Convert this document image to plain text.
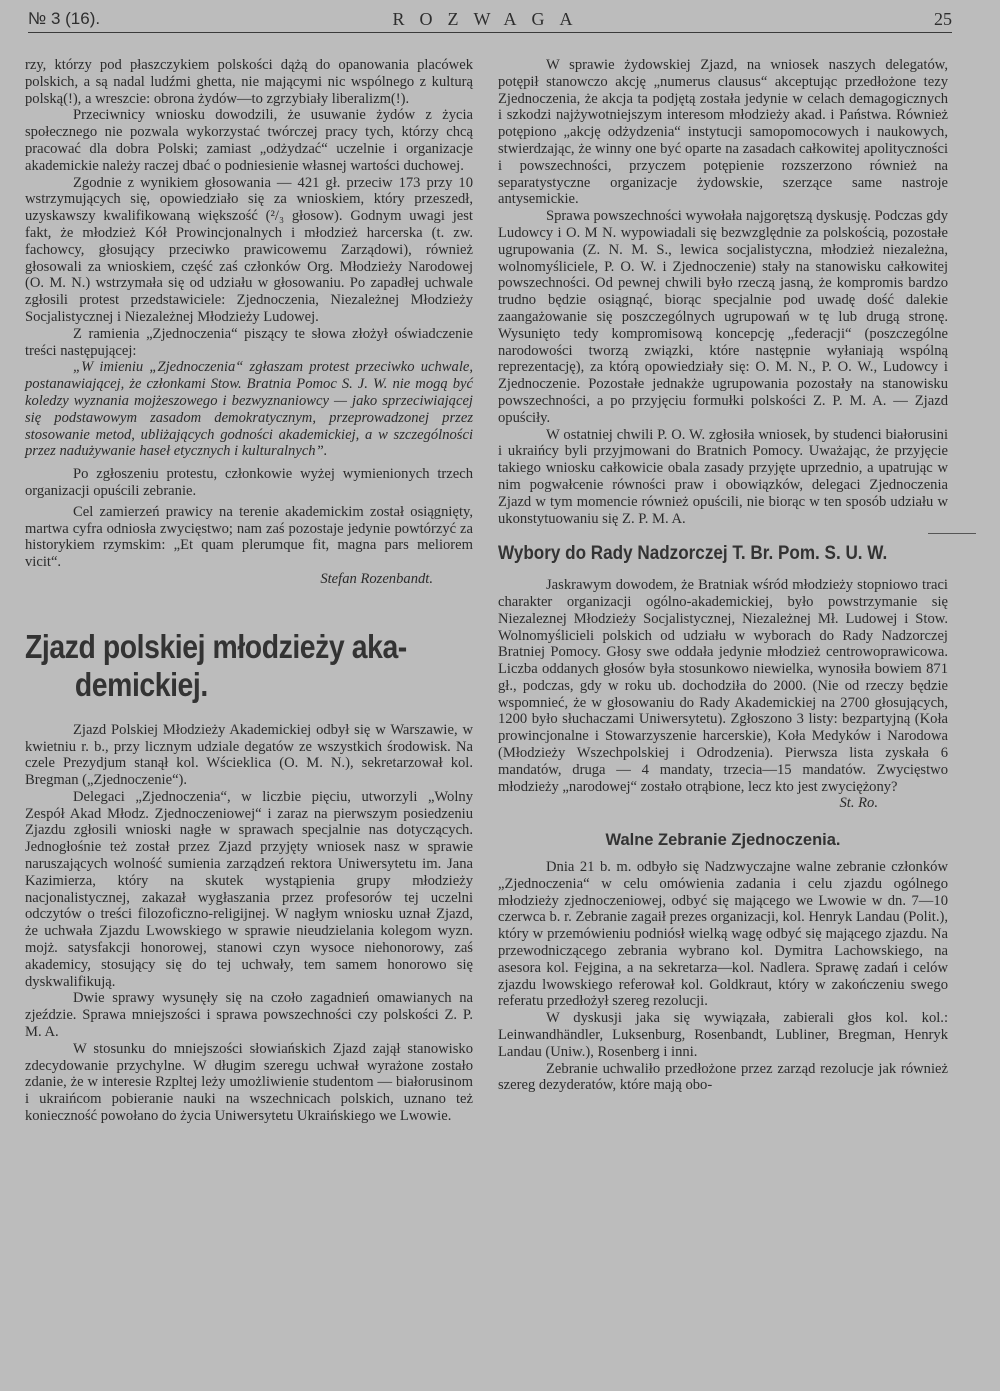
№ 3 (16).	ROZWAGA	25

rzy, którzy pod płaszczykiem polskości dążą do opanowania placówek polskich, a są nadal ludźmi ghetta, nie mającymi nic wspólnego z kulturą polską(!), a wreszcie: obrona żydów—to zgrzybiały liberalizm(!).

Przeciwnicy wniosku dowodzili, że usuwanie żydów z życia społecznego nie pozwala wykorzystać twórczej pracy tych, którzy chcą pracować dla dobra Polski; zamiast „odżydzać“ uczelnie i organizacje akademickie należy raczej dbać o podniesienie własnej wartości duchowej.

Zgodnie z wynikiem głosowania — 421 gł. przeciw 173 przy 10 wstrzymujących się, opowiedziało się za wnioskiem, który przeszedł, uzyskawszy kwalifikowaną większość (²/₃ głosow). Godnym uwagi jest fakt, że młodzież Kół Prowincjonalnych i młodzież harcerska (t. zw. fachowcy, głosujący przeciwko prawicowemu Zarządowi), również głosowali za wnioskiem, część zaś członków Org. Młodzieży Narodowej (O. M. N.) wstrzymała się od udziału w głosowaniu. Po zapadłej uchwale zgłosili protest przedstawiciele: Zjednoczenia, Niezależnej Młodzieży Socjalistycznej i Niezależnej Młodzieży Ludowej.

Z ramienia „Zjednoczenia“ piszący te słowa złożył oświadczenie treści następującej:

„W imieniu „Zjednoczenia“ zgłaszam protest przeciwko uchwale, postanawiającej, że członkami Stow. Bratnia Pomoc S. J. W. nie mogą być koledzy wyznania mojżeszowego i bezwyznaniowcy — jako sprzeciwiającej się podstawowym zasadom demokratycznym, przeprowadzonej przez stosowanie metod, ubliżających godności akademickiej, a w szczególności przez nadużywanie haseł etycznych i kulturalnych”.

Po zgłoszeniu protestu, członkowie wyżej wymienionych trzech organizacji opuścili zebranie.

Cel zamierzeń prawicy na terenie akademickim został osiągnięty, martwa cyfra odniosła zwycięstwo; nam zaś pozostaje jedynie powtórzyć za historykiem rzymskim: „Et quam plerumque fit, magna pars meliorem vicit“.

Stefan Rozenbandt.
Zjazd polskiej młodzieży aka-
demickiej.

Zjazd Polskiej Młodzieży Akademickiej odbył się w Warszawie, w kwietniu r. b., przy licznym udziale degatów ze wszystkich środowisk. Na czele Prezydjum stanął kol. Wścieklica (O. M. N.), sekretarzował kol. Bregman („Zjednoczenie“).

Delegaci „Zjednoczenia“, w liczbie pięciu, utworzyli „Wolny Zespół Akad Młodz. Zjednoczeniowej“ i zaraz na pierwszym posiedzeniu Zjazdu zgłosili wnioski nagłe w sprawach specjalnie nas dotyczących. Jednogłośnie też został przez Zjazd przyjęty wniosek nasz w sprawie naruszających wolność sumienia zarządzeń rektora Uniwersytetu im. Jana Kazimierza, który na skutek wystąpienia grupy młodzieży nacjonalistycznej, zakazał wygłaszania przez profesorów tej uczelni odczytów o treści filozoficzno-religijnej. W nagłym wniosku uznał Zjazd, że uchwała Zjazdu Lwowskiego w sprawie nieudzielania kolegom wyzn. mojż. satysfakcji honorowej, stanowi czyn wysoce niehonorowy, zaś akademicy, stosujący się do tej uchwały, tem samem honorowo się dyskwalifikują.

Dwie sprawy wysunęły się na czoło zagadnień omawianych na zjeździe. Sprawa mniejszości i sprawa powszechności czy polskości Z. P. M. A.

W stosunku do mniejszości słowiańskich Zjazd zajął stanowisko zdecydowanie przychylne. W długim szeregu uchwał wyrażone zostało zdanie, że w interesie Rzpltej leży umożliwienie studentom — białorusinom i ukraińcom pobieranie nauki na wszechnicach polskich, uznano też konieczność powołano do życia Uniwersytetu Ukraińskiego we Lwowie.

W sprawie żydowskiej Zjazd, na wniosek naszych delegatów, potępił stanowczo akcję „numerus clausus“ akceptując przedłożone tezy Zjednoczenia, że akcja ta podjętą została jedynie w celach demagogicznych i szkodzi najżywotniejszym interesom młodzieży akad. i Państwa. Również potępiono „akcję odżydzenia“ instytucji samopomocowych i naukowych, stwierdzając, że winny one być oparte na zasadach całkowitej apolityczności i powszechności, przyczem potępienie rozszerzono również na separatystyczne organizacje żydowskie, szerzące same nastroje antysemickie.

Sprawa powszechności wywołała najgorętszą dyskusję. Podczas gdy Ludowcy i O. M N. wypowiadali się bezwzględnie za polskością, pozostałe ugrupowania (Z. N. M. S., lewica socjalistyczna, młodzież niezależna, wolnomyśliciele, P. O. W. i Zjednoczenie) stały na stanowisku całkowitej powszechności. Od pewnej chwili było rzeczą jasną, że kompromis bardzo trudno będzie osiągnąć, biorąc specjalnie pod uwadę dość dalekie zaangażowanie się poszczególnych ugrupowań w tę lub drugą stronę. Wysunięto tedy kompromisową koncepcję „federacji“ (poszczególne narodowości tworzą związki, które następnie wyłaniają wspólną reprezentację), za którą opowiedziały się: O. M. N., P. O. W., Ludowcy i Zjednoczenie. Pozostałe jednakże ugrupowania pozostały na stanowisku powszechności, a po przyjęciu formułki polskości Z. P. M. A. — Zjazd opuściły.

W ostatniej chwili P. O. W. zgłosiła wniosek, by studenci białorusini i ukraińcy byli przyjmowani do Bratnich Pomocy. Uważając, że przyjęcie takiego wniosku całkowicie obala zasady przyjęte uprzednio, a upatrując w nim pogwałcenie równości praw i obowiązków, delegaci Zjednoczenia Zjazd w tym momencie również opuścili, nie biorąc w ten sposób udziału w ukonstytuowaniu się Z. P. M. A.

Wybory do Rady Nadzorczej T. Br. Pom. S. U. W.

Jaskrawym dowodem, że Bratniak wśród młodzieży stopniowo traci charakter organizacji ogólno-akademickiej, było powstrzymanie się Niezaleznej Młodzieży Socjalistycznej, Niezależnej Mł. Ludowej i Stow. Wolnomyślicieli polskich od udziału w wyborach do Rady Nadzorczej Bratniej Pomocy. Głosy swe oddała jedynie młodzież centrowoprawicowa. Liczba oddanych głosów była stosunkowo niewielka, wynosiła bowiem 871 gł., podczas, gdy w roku ub. dochodziła do 2000. (Nie od rzeczy będzie wspomnieć, że w głosowaniu do Rady Akademickiej na 2700 głosujących, 1200 było słuchaczami Uniwersytetu). Zgłoszono 3 listy: bezpartyjną (Koła prowincjonalne i Stowarzyszenie harcerskie), Koła Medyków i Narodowa (Młodzieży Wszechpolskiej i Odrodzenia). Pierwsza lista zyskała 6 mandatów, druga — 4 mandaty, trzecia—15 mandatów. Zwycięstwo młodzieży „narodowej“ zostało otrąbione, lecz kto jest zwyciężony?

St. Ro.
Walne Zebranie Zjednoczenia.

Dnia 21 b. m. odbyło się Nadzwyczajne walne zebranie członków „Zjednoczenia“ w celu omówienia zadania i celu zjazdu ogólnego młodzieży zjednoczeniowej, odbyć się mającego we Lwowie w dn. 7—10 czerwca b. r. Zebranie zagaił prezes organizacji, kol. Henryk Landau (Polit.), który w przemówieniu podniósł wielką wagę odbyć się mającego zjazdu. Na przewodniczącego zebrania wybrano kol. Dymitra Lachowskiego, na asesora kol. Fejgina, a na sekretarza—kol. Nadlera. Sprawę zadań i celów zjazdu lwowskiego referował kol. Goldkraut, który w zakończeniu swego referatu przedłożył szereg rezolucji.

W dyskusji jaka się wywiązała, zabierali głos kol. kol.: Leinwandhändler, Luksenburg, Rosenbandt, Lubliner, Bregman, Henryk Landau (Uniw.), Rosenberg i inni.

Zebranie uchwaliło przedłożone przez zarząd rezolucje jak również szereg dezyderatów, które mają obo-
